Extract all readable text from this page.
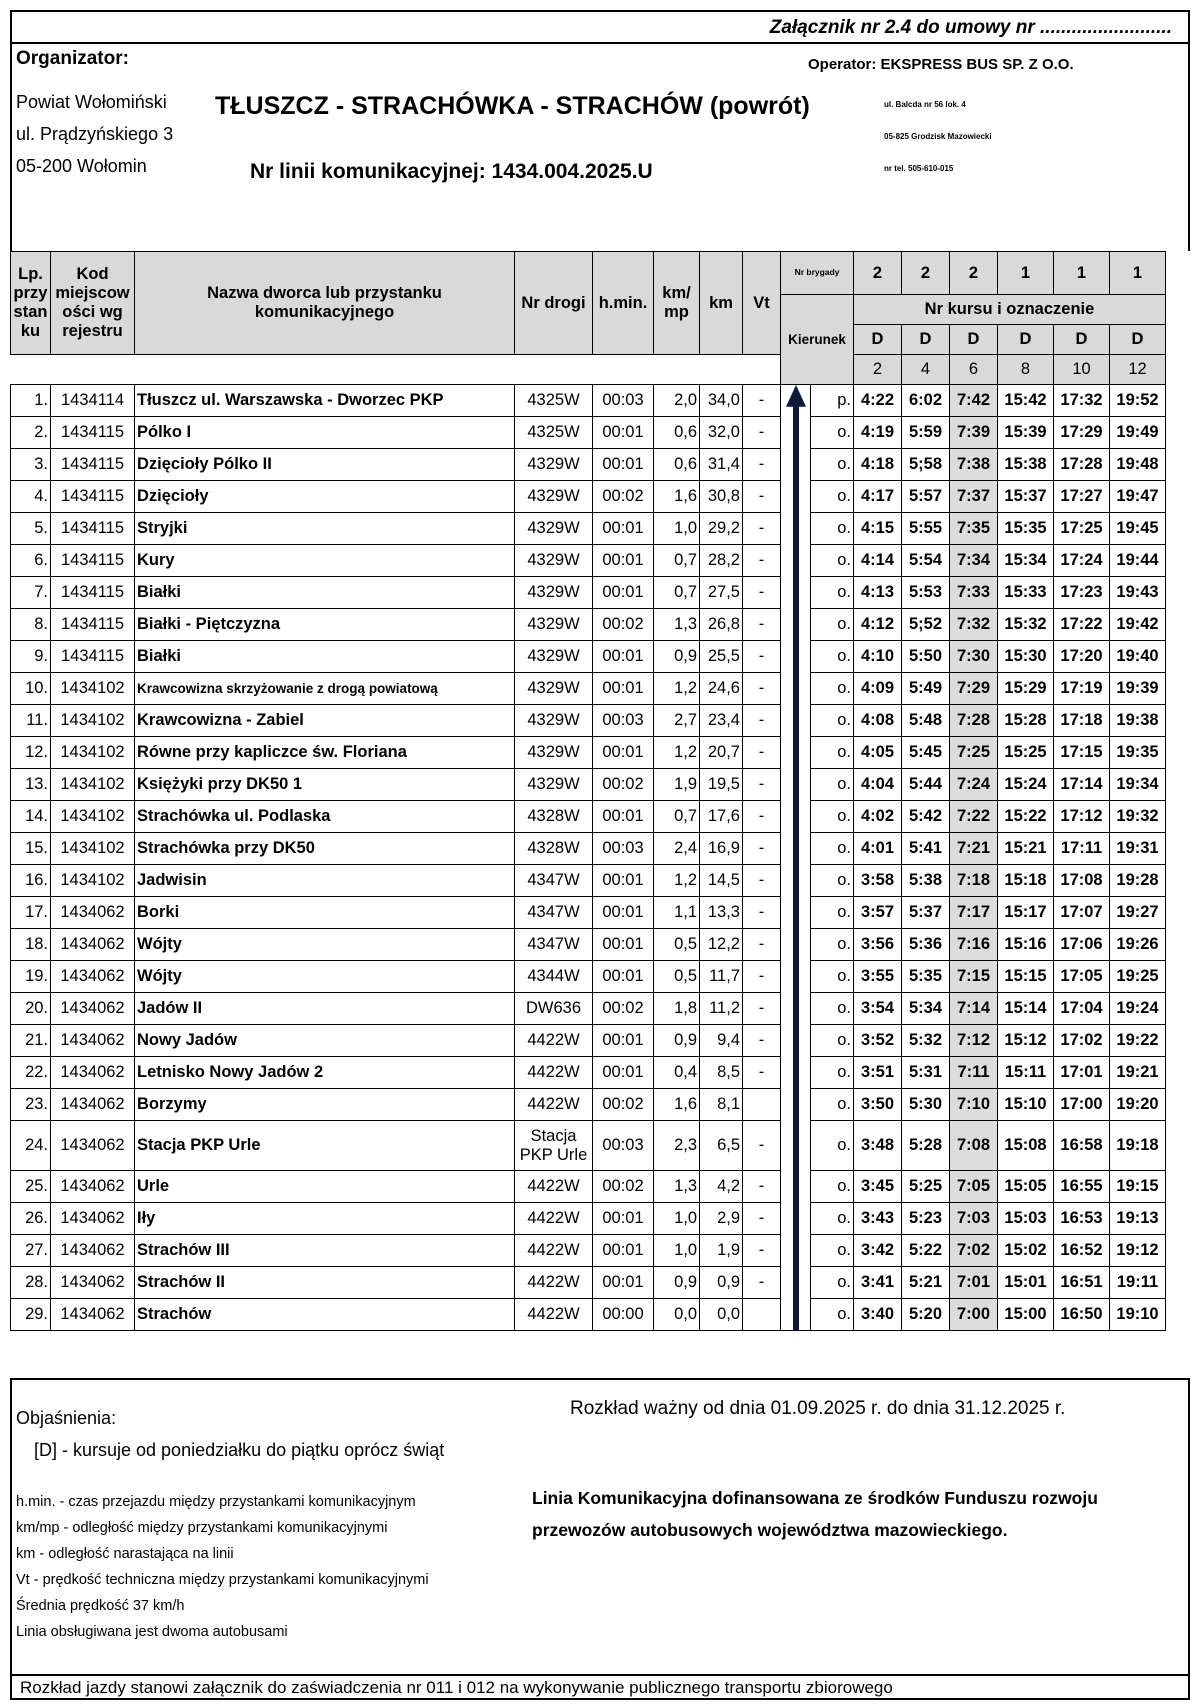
Załącznik nr 2.4 do umowy nr .........................
Organizator:
Powiat Wołomiński
ul. Prądzyńskiego 3
05-200 Wołomin
TŁUSZCZ - STRACHÓWKA - STRACHÓW (powrót)
Nr linii komunikacyjnej: 1434.004.2025.U
Operator: EKSPRESS BUS SP. Z O.O.
ul. Balcda nr 56 lok. 4
05-825 Grodzisk Mazowiecki
nr tel. 505-610-015
Lp. przy stan ku	Kod miejscow ości wg rejestru	Nazwa dworca lub przystanku komunikacyjnego	Nr drogi	h.min.	km/ mp	km	Vt	Nr brygady		2	2	2	1	1	1
								Kierunek		Nr kursu i oznaczenie					
										D	D	D	D	D	D
										2	4	6	8	10	12
1.	1434114	Tłuszcz ul. Warszawska - Dworzec PKP	4325W	00:03	2,0	34,0	-		p.	4:22	6:02	7:42	15:42	17:32	19:52
2.	1434115	Pólko I	4325W	00:01	0,6	32,0	-		o.	4:19	5:59	7:39	15:39	17:29	19:49
3.	1434115	Dzięcioły Pólko II	4329W	00:01	0,6	31,4	-		o.	4:18	5;58	7:38	15:38	17:28	19:48
4.	1434115	Dzięcioły	4329W	00:02	1,6	30,8	-		o.	4:17	5:57	7:37	15:37	17:27	19:47
5.	1434115	Stryjki	4329W	00:01	1,0	29,2	-		o.	4:15	5:55	7:35	15:35	17:25	19:45
6.	1434115	Kury	4329W	00:01	0,7	28,2	-		o.	4:14	5:54	7:34	15:34	17:24	19:44
7.	1434115	Białki	4329W	00:01	0,7	27,5	-		o.	4:13	5:53	7:33	15:33	17:23	19:43
8.	1434115	Białki - Piętczyzna	4329W	00:02	1,3	26,8	-		o.	4:12	5;52	7:32	15:32	17:22	19:42
9.	1434115	Białki	4329W	00:01	0,9	25,5	-		o.	4:10	5:50	7:30	15:30	17:20	19:40
10.	1434102	Krawcowizna skrzyżowanie z drogą powiatową	4329W	00:01	1,2	24,6	-		o.	4:09	5:49	7:29	15:29	17:19	19:39
11.	1434102	Krawcowizna - Zabiel	4329W	00:03	2,7	23,4	-		o.	4:08	5:48	7:28	15:28	17:18	19:38
12.	1434102	Równe przy kapliczce św. Floriana	4329W	00:01	1,2	20,7	-		o.	4:05	5:45	7:25	15:25	17:15	19:35
13.	1434102	Księżyki przy DK50 1	4329W	00:02	1,9	19,5	-		o.	4:04	5:44	7:24	15:24	17:14	19:34
14.	1434102	Strachówka ul. Podlaska	4328W	00:01	0,7	17,6	-		o.	4:02	5:42	7:22	15:22	17:12	19:32
15.	1434102	Strachówka przy DK50	4328W	00:03	2,4	16,9	-		o.	4:01	5:41	7:21	15:21	17:11	19:31
16.	1434102	Jadwisin	4347W	00:01	1,2	14,5	-		o.	3:58	5:38	7:18	15:18	17:08	19:28
17.	1434062	Borki	4347W	00:01	1,1	13,3	-		o.	3:57	5:37	7:17	15:17	17:07	19:27
18.	1434062	Wójty	4347W	00:01	0,5	12,2	-		o.	3:56	5:36	7:16	15:16	17:06	19:26
19.	1434062	Wójty	4344W	00:01	0,5	11,7	-		o.	3:55	5:35	7:15	15:15	17:05	19:25
20.	1434062	Jadów II	DW636	00:02	1,8	11,2	-		o.	3:54	5:34	7:14	15:14	17:04	19:24
21.	1434062	Nowy Jadów	4422W	00:01	0,9	9,4	-		o.	3:52	5:32	7:12	15:12	17:02	19:22
22.	1434062	Letnisko Nowy Jadów 2	4422W	00:01	0,4	8,5	-		o.	3:51	5:31	7:11	15:11	17:01	19:21
23.	1434062	Borzymy	4422W	00:02	1,6	8,1			o.	3:50	5:30	7:10	15:10	17:00	19:20
24.	1434062	Stacja PKP Urle	Stacja PKP Urle	00:03	2,3	6,5	-		o.	3:48	5:28	7:08	15:08	16:58	19:18
25.	1434062	Urle	4422W	00:02	1,3	4,2	-		o.	3:45	5:25	7:05	15:05	16:55	19:15
26.	1434062	Iły	4422W	00:01	1,0	2,9	-		o.	3:43	5:23	7:03	15:03	16:53	19:13
27.	1434062	Strachów III	4422W	00:01	1,0	1,9	-		o.	3:42	5:22	7:02	15:02	16:52	19:12
28.	1434062	Strachów II	4422W	00:01	0,9	0,9	-		o.	3:41	5:21	7:01	15:01	16:51	19:11
29.	1434062	Strachów	4422W	00:00	0,0	0,0			o.	3:40	5:20	7:00	15:00	16:50	19:10
Objaśnienia:	Rozkład ważny od dnia 01.09.2025 r. do dnia 31.12.2025 r.
[D] - kursuje od poniedziałku do piątku oprócz świąt
h.min. - czas przejazdu między przystankami komunikacyjnym
km/mp - odległość między przystankami komunikacyjnymi
km - odległość narastająca na linii
Vt - prędkość techniczna między przystankami komunikacyjnymi
Średnia prędkość 37 km/h
Linia obsługiwana jest dwoma autobusami
Linia Komunikacyjna dofinansowana ze środków Funduszu rozwoju
przewozów autobusowych województwa mazowieckiego.
Rozkład jazdy stanowi załącznik do zaświadczenia nr 011 i 012 na wykonywanie publicznego transportu zbiorowego
